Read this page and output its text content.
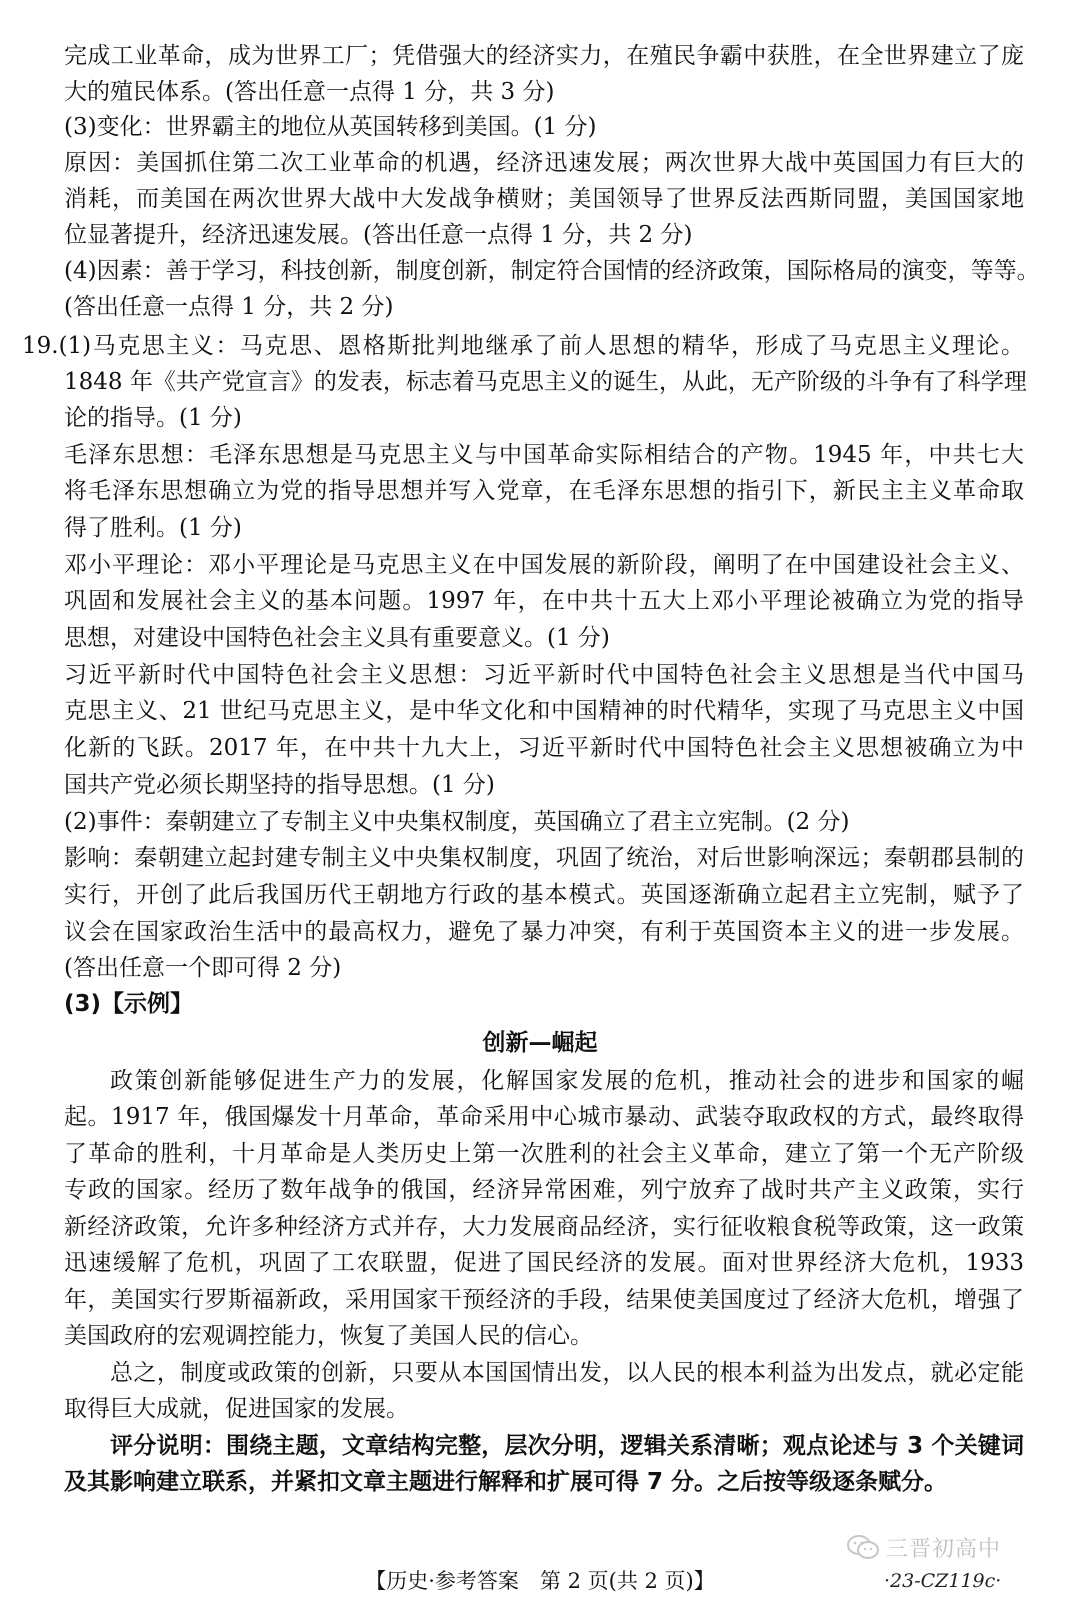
完成工业革命，成为世界工厂；凭借强大的经济实力，在殖民争霸中获胜，在全世界建立了庞
大的殖民体系。(答出任意一点得 1 分，共 3 分)
(3)变化：世界霸主的地位从英国转移到美国。(1 分)
原因：美国抓住第二次工业革命的机遇，经济迅速发展；两次世界大战中英国国力有巨大的
消耗，而美国在两次世界大战中大发战争横财；美国领导了世界反法西斯同盟，美国国家地
位显著提升，经济迅速发展。(答出任意一点得 1 分，共 2 分)
(4)因素：善于学习，科技创新，制度创新，制定符合国情的经济政策，国际格局的演变，等等。
(答出任意一点得 1 分，共 2 分)
19.(1)马克思主义：马克思、恩格斯批判地继承了前人思想的精华，形成了马克思主义理论。
1848 年《共产党宣言》的发表，标志着马克思主义的诞生，从此，无产阶级的斗争有了科学理
论的指导。(1 分)
毛泽东思想：毛泽东思想是马克思主义与中国革命实际相结合的产物。1945 年，中共七大
将毛泽东思想确立为党的指导思想并写入党章，在毛泽东思想的指引下，新民主主义革命取
得了胜利。(1 分)
邓小平理论：邓小平理论是马克思主义在中国发展的新阶段，阐明了在中国建设社会主义、
巩固和发展社会主义的基本问题。1997 年，在中共十五大上邓小平理论被确立为党的指导
思想，对建设中国特色社会主义具有重要意义。(1 分)
习近平新时代中国特色社会主义思想：习近平新时代中国特色社会主义思想是当代中国马
克思主义、21 世纪马克思主义，是中华文化和中国精神的时代精华，实现了马克思主义中国
化新的飞跃。2017 年，在中共十九大上，习近平新时代中国特色社会主义思想被确立为中
国共产党必须长期坚持的指导思想。(1 分)
(2)事件：秦朝建立了专制主义中央集权制度，英国确立了君主立宪制。(2 分)
影响：秦朝建立起封建专制主义中央集权制度，巩固了统治，对后世影响深远；秦朝郡县制的
实行，开创了此后我国历代王朝地方行政的基本模式。英国逐渐确立起君主立宪制，赋予了
议会在国家政治生活中的最高权力，避免了暴力冲突，有利于英国资本主义的进一步发展。
(答出任意一个即可得 2 分)
(3)【示例】
创新—崛起
政策创新能够促进生产力的发展，化解国家发展的危机，推动社会的进步和国家的崛
起。1917 年，俄国爆发十月革命，革命采用中心城市暴动、武装夺取政权的方式，最终取得
了革命的胜利，十月革命是人类历史上第一次胜利的社会主义革命，建立了第一个无产阶级
专政的国家。经历了数年战争的俄国，经济异常困难，列宁放弃了战时共产主义政策，实行
新经济政策，允许多种经济方式并存，大力发展商品经济，实行征收粮食税等政策，这一政策
迅速缓解了危机，巩固了工农联盟，促进了国民经济的发展。面对世界经济大危机，1933
年，美国实行罗斯福新政，采用国家干预经济的手段，结果使美国度过了经济大危机，增强了
美国政府的宏观调控能力，恢复了美国人民的信心。
总之，制度或政策的创新，只要从本国国情出发，以人民的根本利益为出发点，就必定能
取得巨大成就，促进国家的发展。
评分说明：围绕主题，文章结构完整，层次分明，逻辑关系清晰；观点论述与 3 个关键词
及其影响建立联系，并紧扣文章主题进行解释和扩展可得 7 分。之后按等级逐条赋分。
三晋初高中
【历史·参考答案　第 2 页(共 2 页)】	·23-CZ119c·
